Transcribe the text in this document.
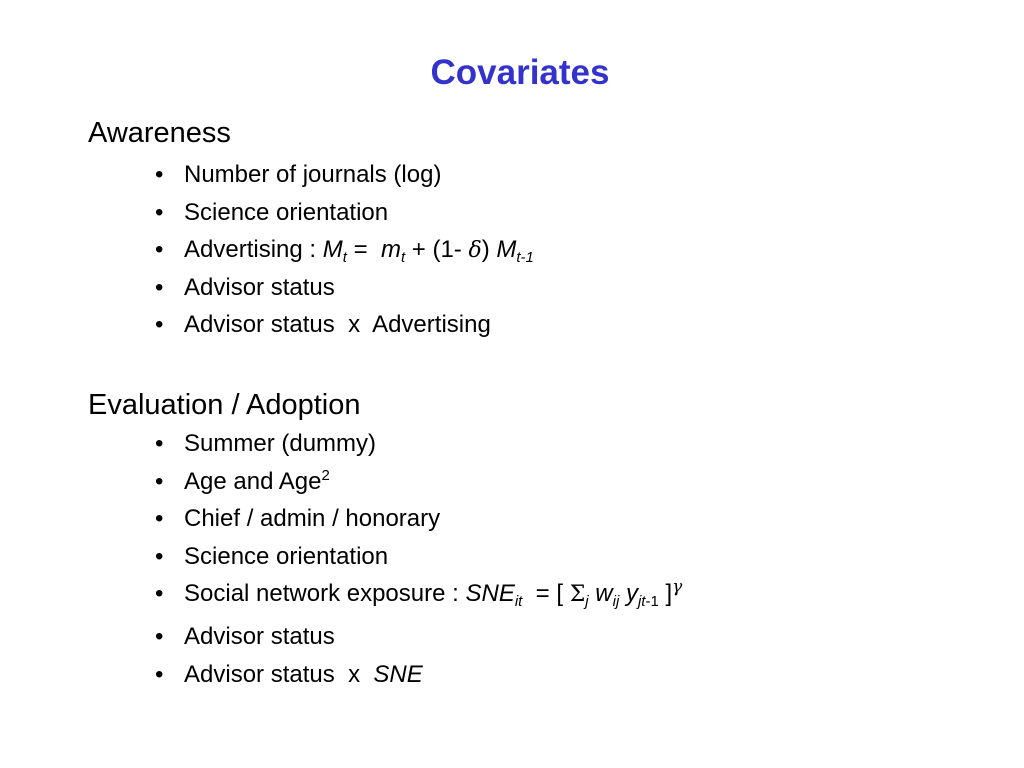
Covariates
Awareness
• Number of journals (log)
• Science orientation
• Advertising : $M_t = m_t + (1-$ δ) $M_{t-1}$
• Advisor status
• Advisor status  x  Advertising
Evaluation / Adoption
• Summer (dummy)
• Age and Age$^2$
• Chief / admin / honorary
• Science orientation
• Social network exposure : $SNE_{it}$  = [ $\Sigma_j$ $w_{ij}$ $y_{jt-1}$ ]$^\gamma$
• Advisor status
• Advisor status  x  SNE
